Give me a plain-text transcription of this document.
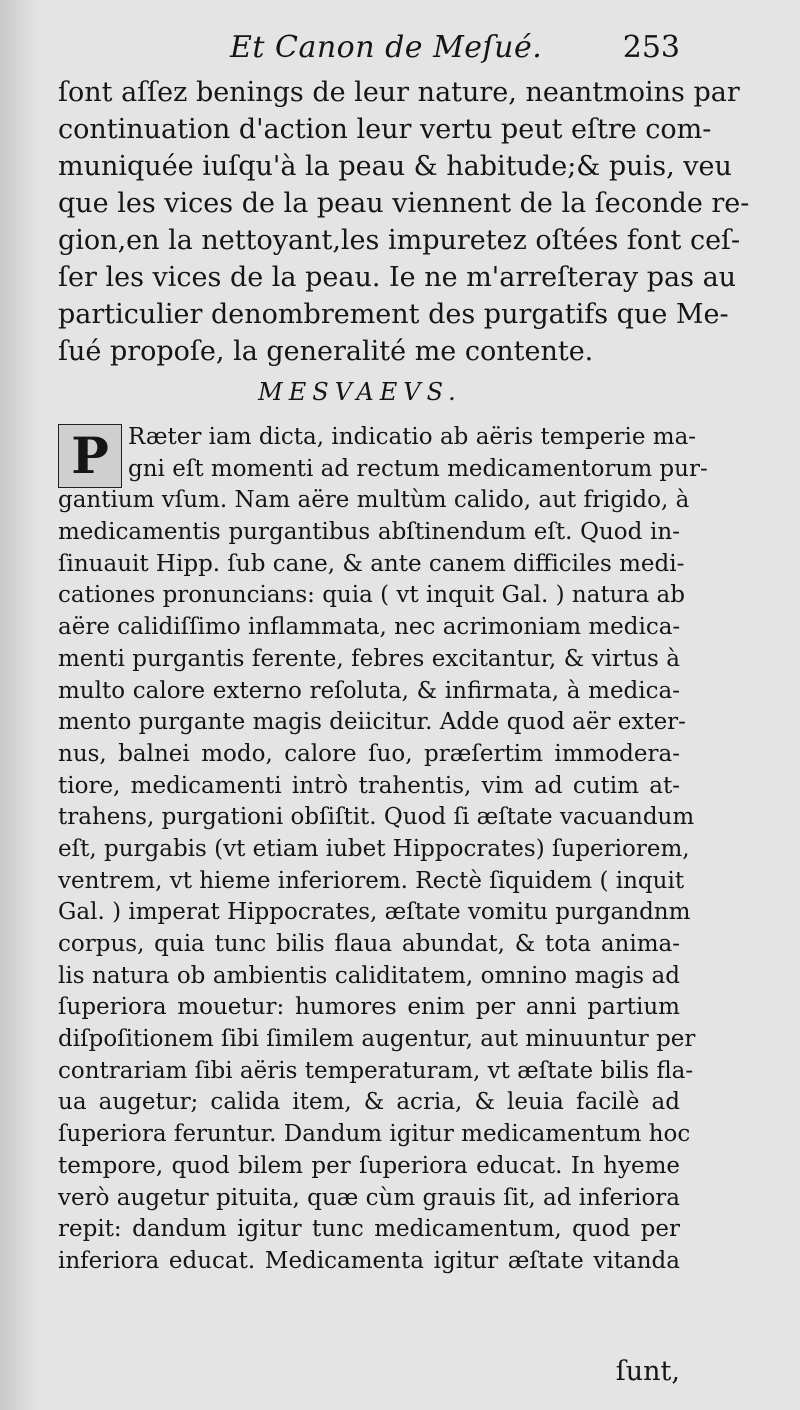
Et Canon de Meſué.	253
ſont aſſez benings de leur nature, neantmoins par
continuation d'action leur vertu peut eſtre com-
muniquée iuſqu'à la peau & habitude;& puis, veu
que les vices de la peau viennent de la ſeconde re-
gion,en la nettoyant,les impuretez oſtées font ceſ-
ſer les vices de la peau. Ie ne m'arreſteray pas au
particulier denombrement des purgatifs que Me-
ſué propoſe, la generalité me contente.
MESVAEVS.
P Ræter iam dicta, indicatio ab aëris temperie ma-
gni eſt momenti ad rectum medicamentorum pur-
gantium vſum. Nam aëre multùm calido, aut frigido, à
medicamentis purgantibus abſtinendum eſt. Quod in-
ſinuauit Hipp. ſub cane, & ante canem difficiles medi-
cationes pronuncians: quia ( vt inquit Gal. ) natura ab
aëre calidiſſimo inflammata, nec acrimoniam medica-
menti purgantis ferente, febres excitantur, & virtus à
multo calore externo reſoluta, & infirmata, à medica-
mento purgante magis deiicitur. Adde quod aër exter-
nus, balnei modo, calore ſuo, præſertim immodera-
tiore, medicamenti intrò trahentis, vim ad cutim at-
trahens, purgationi obſiſtit. Quod ſi æſtate vacuandum
eſt, purgabis (vt etiam iubet Hippocrates) ſuperiorem,
ventrem, vt hieme inferiorem. Rectè ſiquidem ( inquit
Gal. ) imperat Hippocrates, æſtate vomitu purgandnm
corpus, quia tunc bilis flaua abundat, & tota anima-
lis natura ob ambientis caliditatem, omnino magis ad
ſuperiora mouetur: humores enim per anni partium
diſpoſitionem ſibi ſimilem augentur, aut minuuntur per
contrariam ſibi aëris temperaturam, vt æſtate bilis fla-
ua augetur; calida item, & acria, & leuia facilè ad
ſuperiora feruntur. Dandum igitur medicamentum hoc
tempore, quod bilem per ſuperiora educat. In hyeme
verò augetur pituita, quæ cùm grauis ſit, ad inferiora
repit: dandum igitur tunc medicamentum, quod per
inferiora educat. Medicamenta igitur æſtate vitanda
ſunt,
